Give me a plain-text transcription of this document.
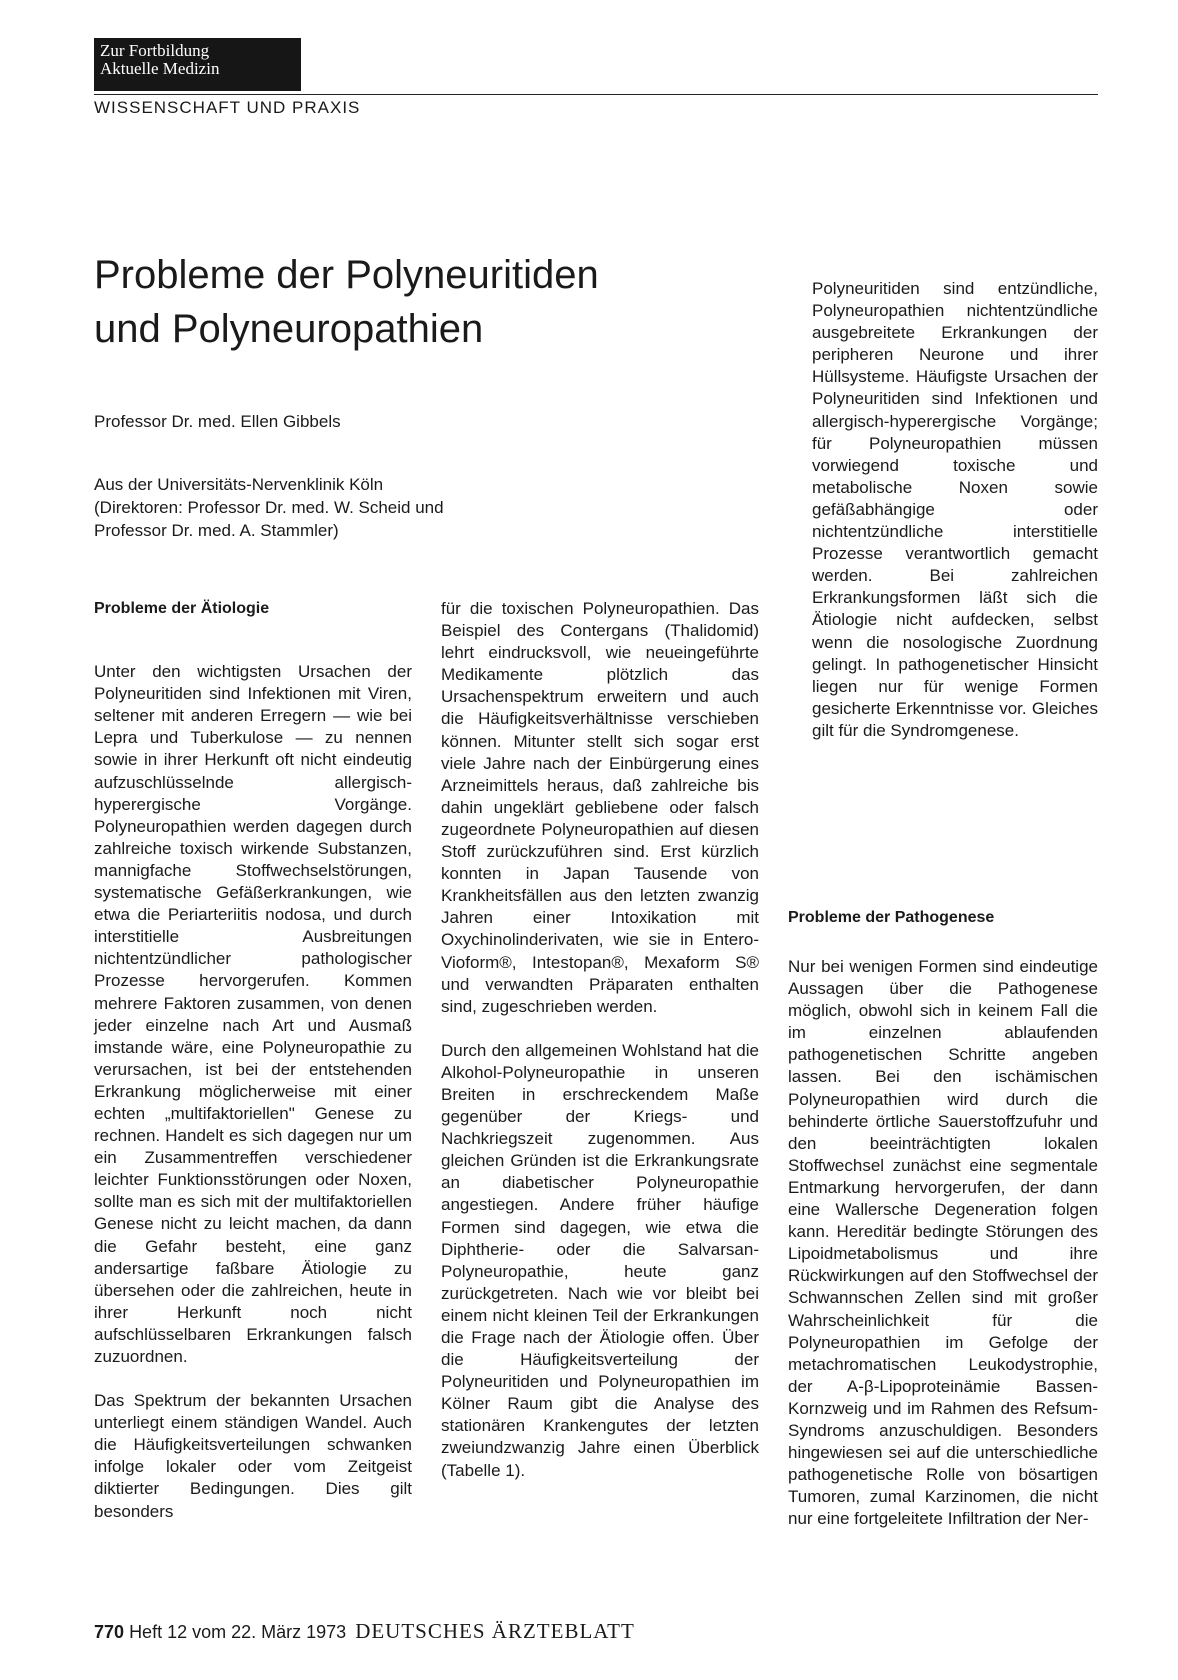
Zur Fortbildung
Aktuelle Medizin
WISSENSCHAFT UND PRAXIS
Probleme der Polyneuritiden
und Polyneuropathien
Professor Dr. med. Ellen Gibbels
Aus der Universitäts-Nervenklinik Köln
(Direktoren: Professor Dr. med. W. Scheid und
Professor Dr. med. A. Stammler)
Probleme der Ätiologie

Unter den wichtigsten Ursachen der Polyneuritiden sind Infektionen mit Viren, seltener mit anderen Erregern — wie bei Lepra und Tuberkulose — zu nennen sowie in ihrer Herkunft oft nicht eindeutig aufzuschlüsselnde allergisch-hyperergische Vorgänge. Polyneuropathien werden dagegen durch zahlreiche toxisch wirkende Substanzen, mannigfache Stoffwechselstörungen, systematische Gefäßerkrankungen, wie etwa die Periarteriitis nodosa, und durch interstitielle Ausbreitungen nichtentzündlicher pathologischer Prozesse hervorgerufen. Kommen mehrere Faktoren zusammen, von denen jeder einzelne nach Art und Ausmaß imstande wäre, eine Polyneuropathie zu verursachen, ist bei der entstehenden Erkrankung möglicherweise mit einer echten „multifaktoriellen" Genese zu rechnen. Handelt es sich dagegen nur um ein Zusammentreffen verschiedener leichter Funktionsstörungen oder Noxen, sollte man es sich mit der multifaktoriellen Genese nicht zu leicht machen, da dann die Gefahr besteht, eine ganz andersartige faßbare Ätiologie zu übersehen oder die zahlreichen, heute in ihrer Herkunft noch nicht aufschlüsselbaren Erkrankungen falsch zuzuordnen.

Das Spektrum der bekannten Ursachen unterliegt einem ständigen Wandel. Auch die Häufigkeitsverteilungen schwanken infolge lokaler oder vom Zeitgeist diktierter Bedingungen. Dies gilt besonders

für die toxischen Polyneuropathien. Das Beispiel des Contergans (Thalidomid) lehrt eindrucksvoll, wie neueingeführte Medikamente plötzlich das Ursachenspektrum erweitern und auch die Häufigkeitsverhältnisse verschieben können. Mitunter stellt sich sogar erst viele Jahre nach der Einbürgerung eines Arzneimittels heraus, daß zahlreiche bis dahin ungeklärt gebliebene oder falsch zugeordnete Polyneuropathien auf diesen Stoff zurückzuführen sind. Erst kürzlich konnten in Japan Tausende von Krankheitsfällen aus den letzten zwanzig Jahren einer Intoxikation mit Oxychinolinderivaten, wie sie in Entero-Vioform®, Intestopan®, Mexaform S® und verwandten Präparaten enthalten sind, zugeschrieben werden.

Durch den allgemeinen Wohlstand hat die Alkohol-Polyneuropathie in unseren Breiten in erschreckendem Maße gegenüber der Kriegs- und Nachkriegszeit zugenommen. Aus gleichen Gründen ist die Erkrankungsrate an diabetischer Polyneuropathie angestiegen. Andere früher häufige Formen sind dagegen, wie etwa die Diphtherie- oder die Salvarsan-Polyneuropathie, heute ganz zurückgetreten. Nach wie vor bleibt bei einem nicht kleinen Teil der Erkrankungen die Frage nach der Ätiologie offen. Über die Häufigkeitsverteilung der Polyneuritiden und Polyneuropathien im Kölner Raum gibt die Analyse des stationären Krankengutes der letzten zweiundzwanzig Jahre einen Überblick (Tabelle 1).

Polyneuritiden sind entzündliche, Polyneuropathien nichtentzündliche ausgebreitete Erkrankungen der peripheren Neurone und ihrer Hüllsysteme. Häufigste Ursachen der Polyneuritiden sind Infektionen und allergisch-hyperergische Vorgänge; für Polyneuropathien müssen vorwiegend toxische und metabolische Noxen sowie gefäßabhängige oder nichtentzündliche interstitielle Prozesse verantwortlich gemacht werden. Bei zahlreichen Erkrankungsformen läßt sich die Ätiologie nicht aufdecken, selbst wenn die nosologische Zuordnung gelingt. In pathogenetischer Hinsicht liegen nur für wenige Formen gesicherte Erkenntnisse vor. Gleiches gilt für die Syndromgenese.

Probleme der Pathogenese

Nur bei wenigen Formen sind eindeutige Aussagen über die Pathogenese möglich, obwohl sich in keinem Fall die im einzelnen ablaufenden pathogenetischen Schritte angeben lassen. Bei den ischämischen Polyneuropathien wird durch die behinderte örtliche Sauerstoffzufuhr und den beeinträchtigten lokalen Stoffwechsel zunächst eine segmentale Entmarkung hervorgerufen, der dann eine Wallersche Degeneration folgen kann. Hereditär bedingte Störungen des Lipoidmetabolismus und ihre Rückwirkungen auf den Stoffwechsel der Schwannschen Zellen sind mit großer Wahrscheinlichkeit für die Polyneuropathien im Gefolge der metachromatischen Leukodystrophie, der A-β-Lipoproteinämie Bassen-Kornzweig und im Rahmen des Refsum-Syndroms anzuschuldigen. Besonders hingewiesen sei auf die unterschiedliche pathogenetische Rolle von bösartigen Tumoren, zumal Karzinomen, die nicht nur eine fortgeleitete Infiltration der Ner-

770 Heft 12 vom 22. März 1973 DEUTSCHES ÄRZTEBLATT
